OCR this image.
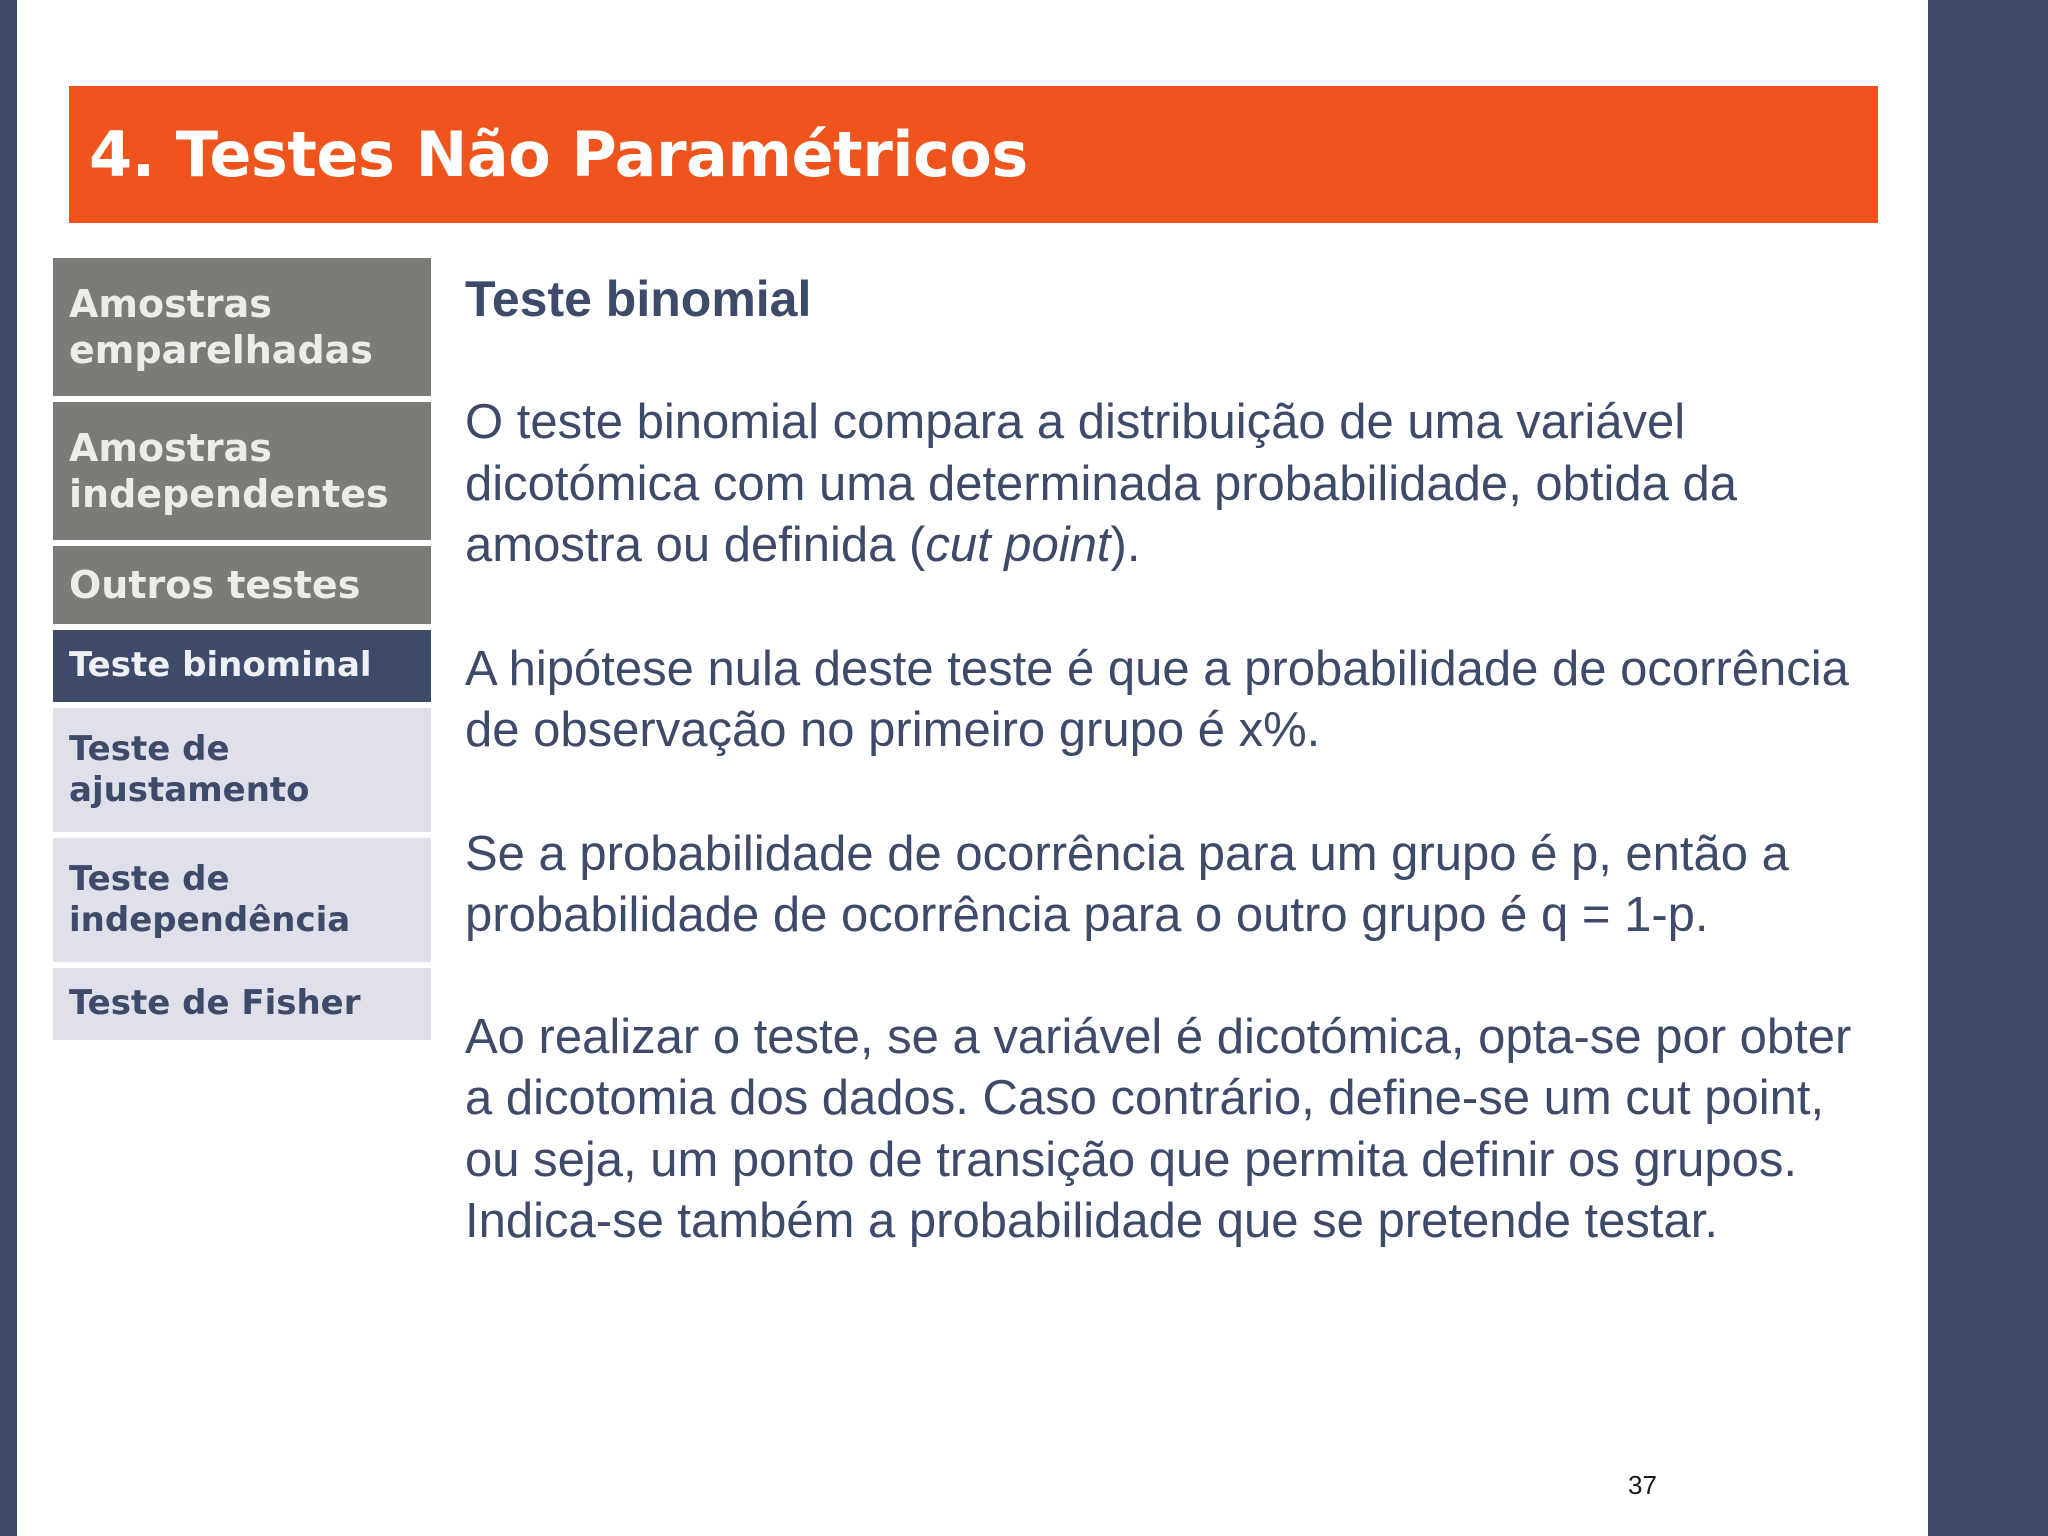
4. Testes Não Paramétricos
Amostras emparelhadas
Amostras independentes
Outros testes
Teste binominal
Teste de ajustamento
Teste de independência
Teste de Fisher
Teste binomial

O teste binomial compara a distribuição de uma variável dicotómica com uma determinada probabilidade, obtida da amostra ou definida (cut point).

A hipótese nula deste teste é que a probabilidade de ocorrência de observação no primeiro grupo é x%.

Se a probabilidade de ocorrência para um grupo é p, então a probabilidade de ocorrência para o outro grupo é q = 1-p.

Ao realizar o teste, se a variável é dicotómica, opta-se por obter a dicotomia dos dados. Caso contrário, define-se um cut point, ou seja, um ponto de transição que permita definir os grupos. Indica-se também a probabilidade que se pretende testar.

37
